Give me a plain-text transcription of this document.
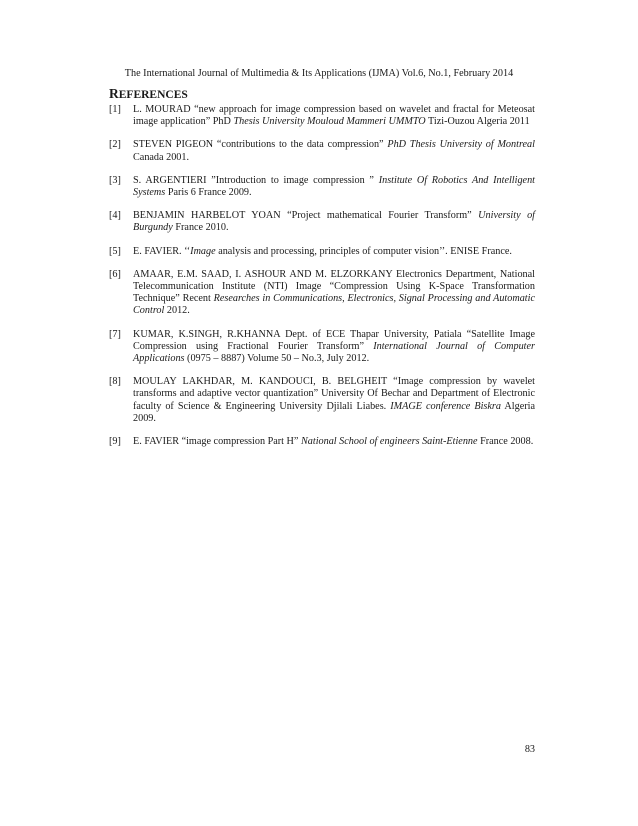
The International Journal of Multimedia & Its Applications (IJMA) Vol.6, No.1, February 2014
REFERENCES
[1] L. MOURAD “new approach for image compression based on wavelet and fractal for Meteosat image application” PhD Thesis University Mouloud Mammeri UMMTO Tizi-Ouzou Algeria 2011
[2] STEVEN PIGEON “contributions to the data compression” PhD Thesis University of Montreal Canada 2001.
[3] S. ARGENTIERI ”Introduction to image compression ” Institute Of Robotics And Intelligent Systems Paris 6 France 2009.
[4] BENJAMIN HARBELOT YOAN “Project mathematical Fourier Transform” University of Burgundy France 2010.
[5] E. FAVIER. ‘‘Image analysis and processing, principles of computer vision’’. ENISE France.
[6] AMAAR, E.M. SAAD, I. ASHOUR AND M. ELZORKANY Electronics Department, National Telecommunication Institute (NTI) Image “Compression Using K-Space Transformation Technique” Recent Researches in Communications, Electronics, Signal Processing and Automatic Control 2012.
[7] KUMAR, K.SINGH, R.KHANNA Dept. of ECE Thapar University, Patiala “Satellite Image Compression using Fractional Fourier Transform” International Journal of Computer Applications (0975 – 8887) Volume 50 – No.3, July 2012.
[8] MOULAY LAKHDAR, M. KANDOUCI, B. BELGHEIT “Image compression by wavelet transforms and adaptive vector quantization” University Of Bechar and Department of Electronic faculty of Science & Engineering University Djilali Liabes. IMAGE conference Biskra Algeria 2009.
[9] E. FAVIER “image compression Part H” National School of engineers Saint-Etienne France 2008.
83
